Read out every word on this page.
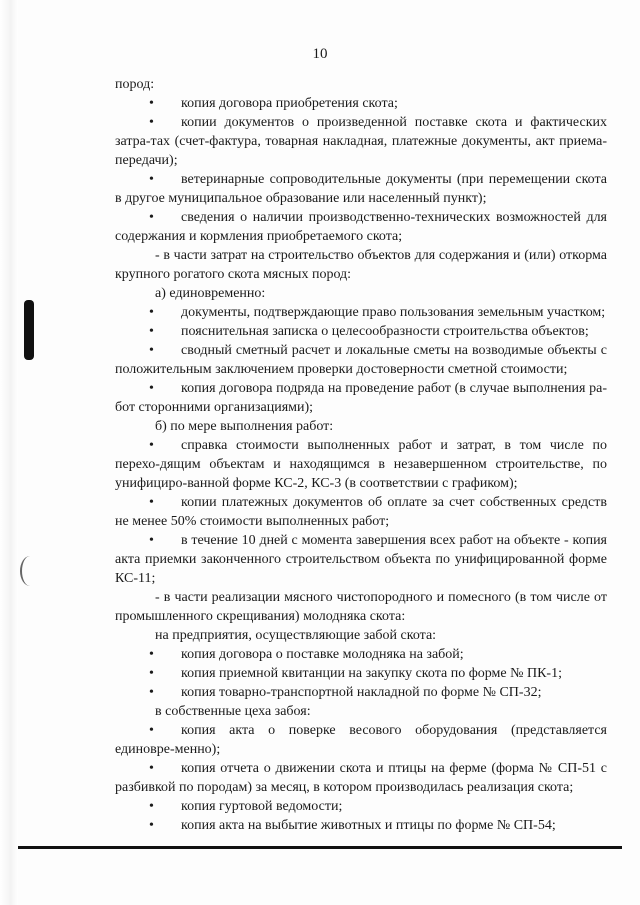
10

пород:

• копия договора приобретения скота;

• копии документов о произведенной поставке скота и фактических затра-тах (счет-фактура, товарная накладная, платежные документы, акт приема-передачи);

• ветеринарные сопроводительные документы (при перемещении скота в другое муниципальное образование или населенный пункт);

• сведения о наличии производственно-технических возможностей для содержания и кормления приобретаемого скота;

- в части затрат на строительство объектов для содержания и (или) откорма крупного рогатого скота мясных пород:

а) единовременно:

• документы, подтверждающие право пользования земельным участком;

• пояснительная записка о целесообразности строительства объектов;

• сводный сметный расчет и локальные сметы на возводимые объекты с положительным заключением проверки достоверности сметной стоимости;

• копия договора подряда на проведение работ (в случае выполнения ра-бот сторонними организациями);

б) по мере выполнения работ:

• справка стоимости выполненных работ и затрат, в том числе по перехо-дящим объектам и находящимся в незавершенном строительстве, по унифициро-ванной форме КС-2, КС-3 (в соответствии с графиком);

• копии платежных документов об оплате за счет собственных средств не менее 50% стоимости выполненных работ;

• в течение 10 дней с момента завершения всех работ на объекте - копия акта приемки законченного строительством объекта по унифицированной форме КС-11;

- в части реализации мясного чистопородного и помесного (в том числе от промышленного скрещивания) молодняка скота:

на предприятия, осуществляющие забой скота:

• копия договора о поставке молодняка на забой;

• копия приемной квитанции на закупку скота по форме № ПК-1;

• копия товарно-транспортной накладной по форме № СП-32;

в собственные цеха забоя:

• копия акта о поверке весового оборудования (представляется единовре-менно);

• копия отчета о движении скота и птицы на ферме (форма № СП-51 с разбивкой по породам) за месяц, в котором производилась реализация скота;

• копия гуртовой ведомости;

• копия акта на выбытие животных и птицы по форме № СП-54;
